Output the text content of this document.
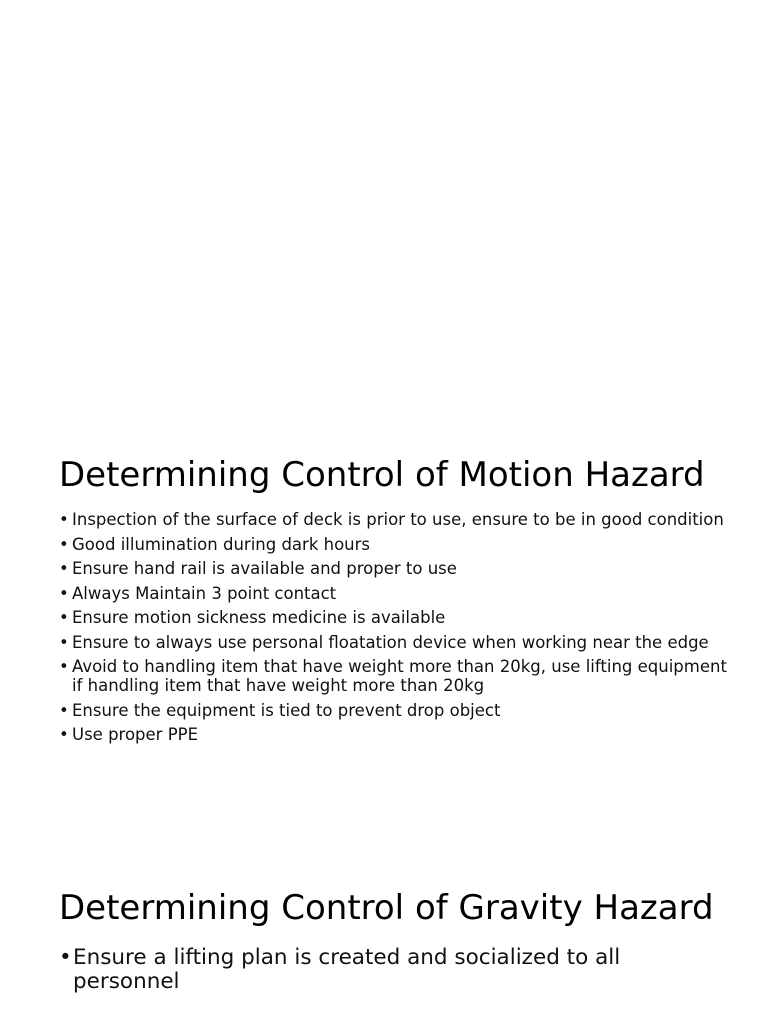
Determining Control of Motion Hazard
• Inspection of the surface of deck is prior to use, ensure to be in good condition
• Good illumination during dark hours
• Ensure hand rail is available and proper to use
• Always Maintain 3 point contact
• Ensure motion sickness medicine is available
• Ensure to always use personal floatation device when working near the edge
• Avoid to handling item that have weight more than 20kg, use lifting equipment if handling item that have weight more than 20kg
• Ensure the equipment is tied to prevent drop object
• Use proper PPE
Determining Control of Gravity Hazard
• Ensure a lifting plan is created and socialized to all personnel
